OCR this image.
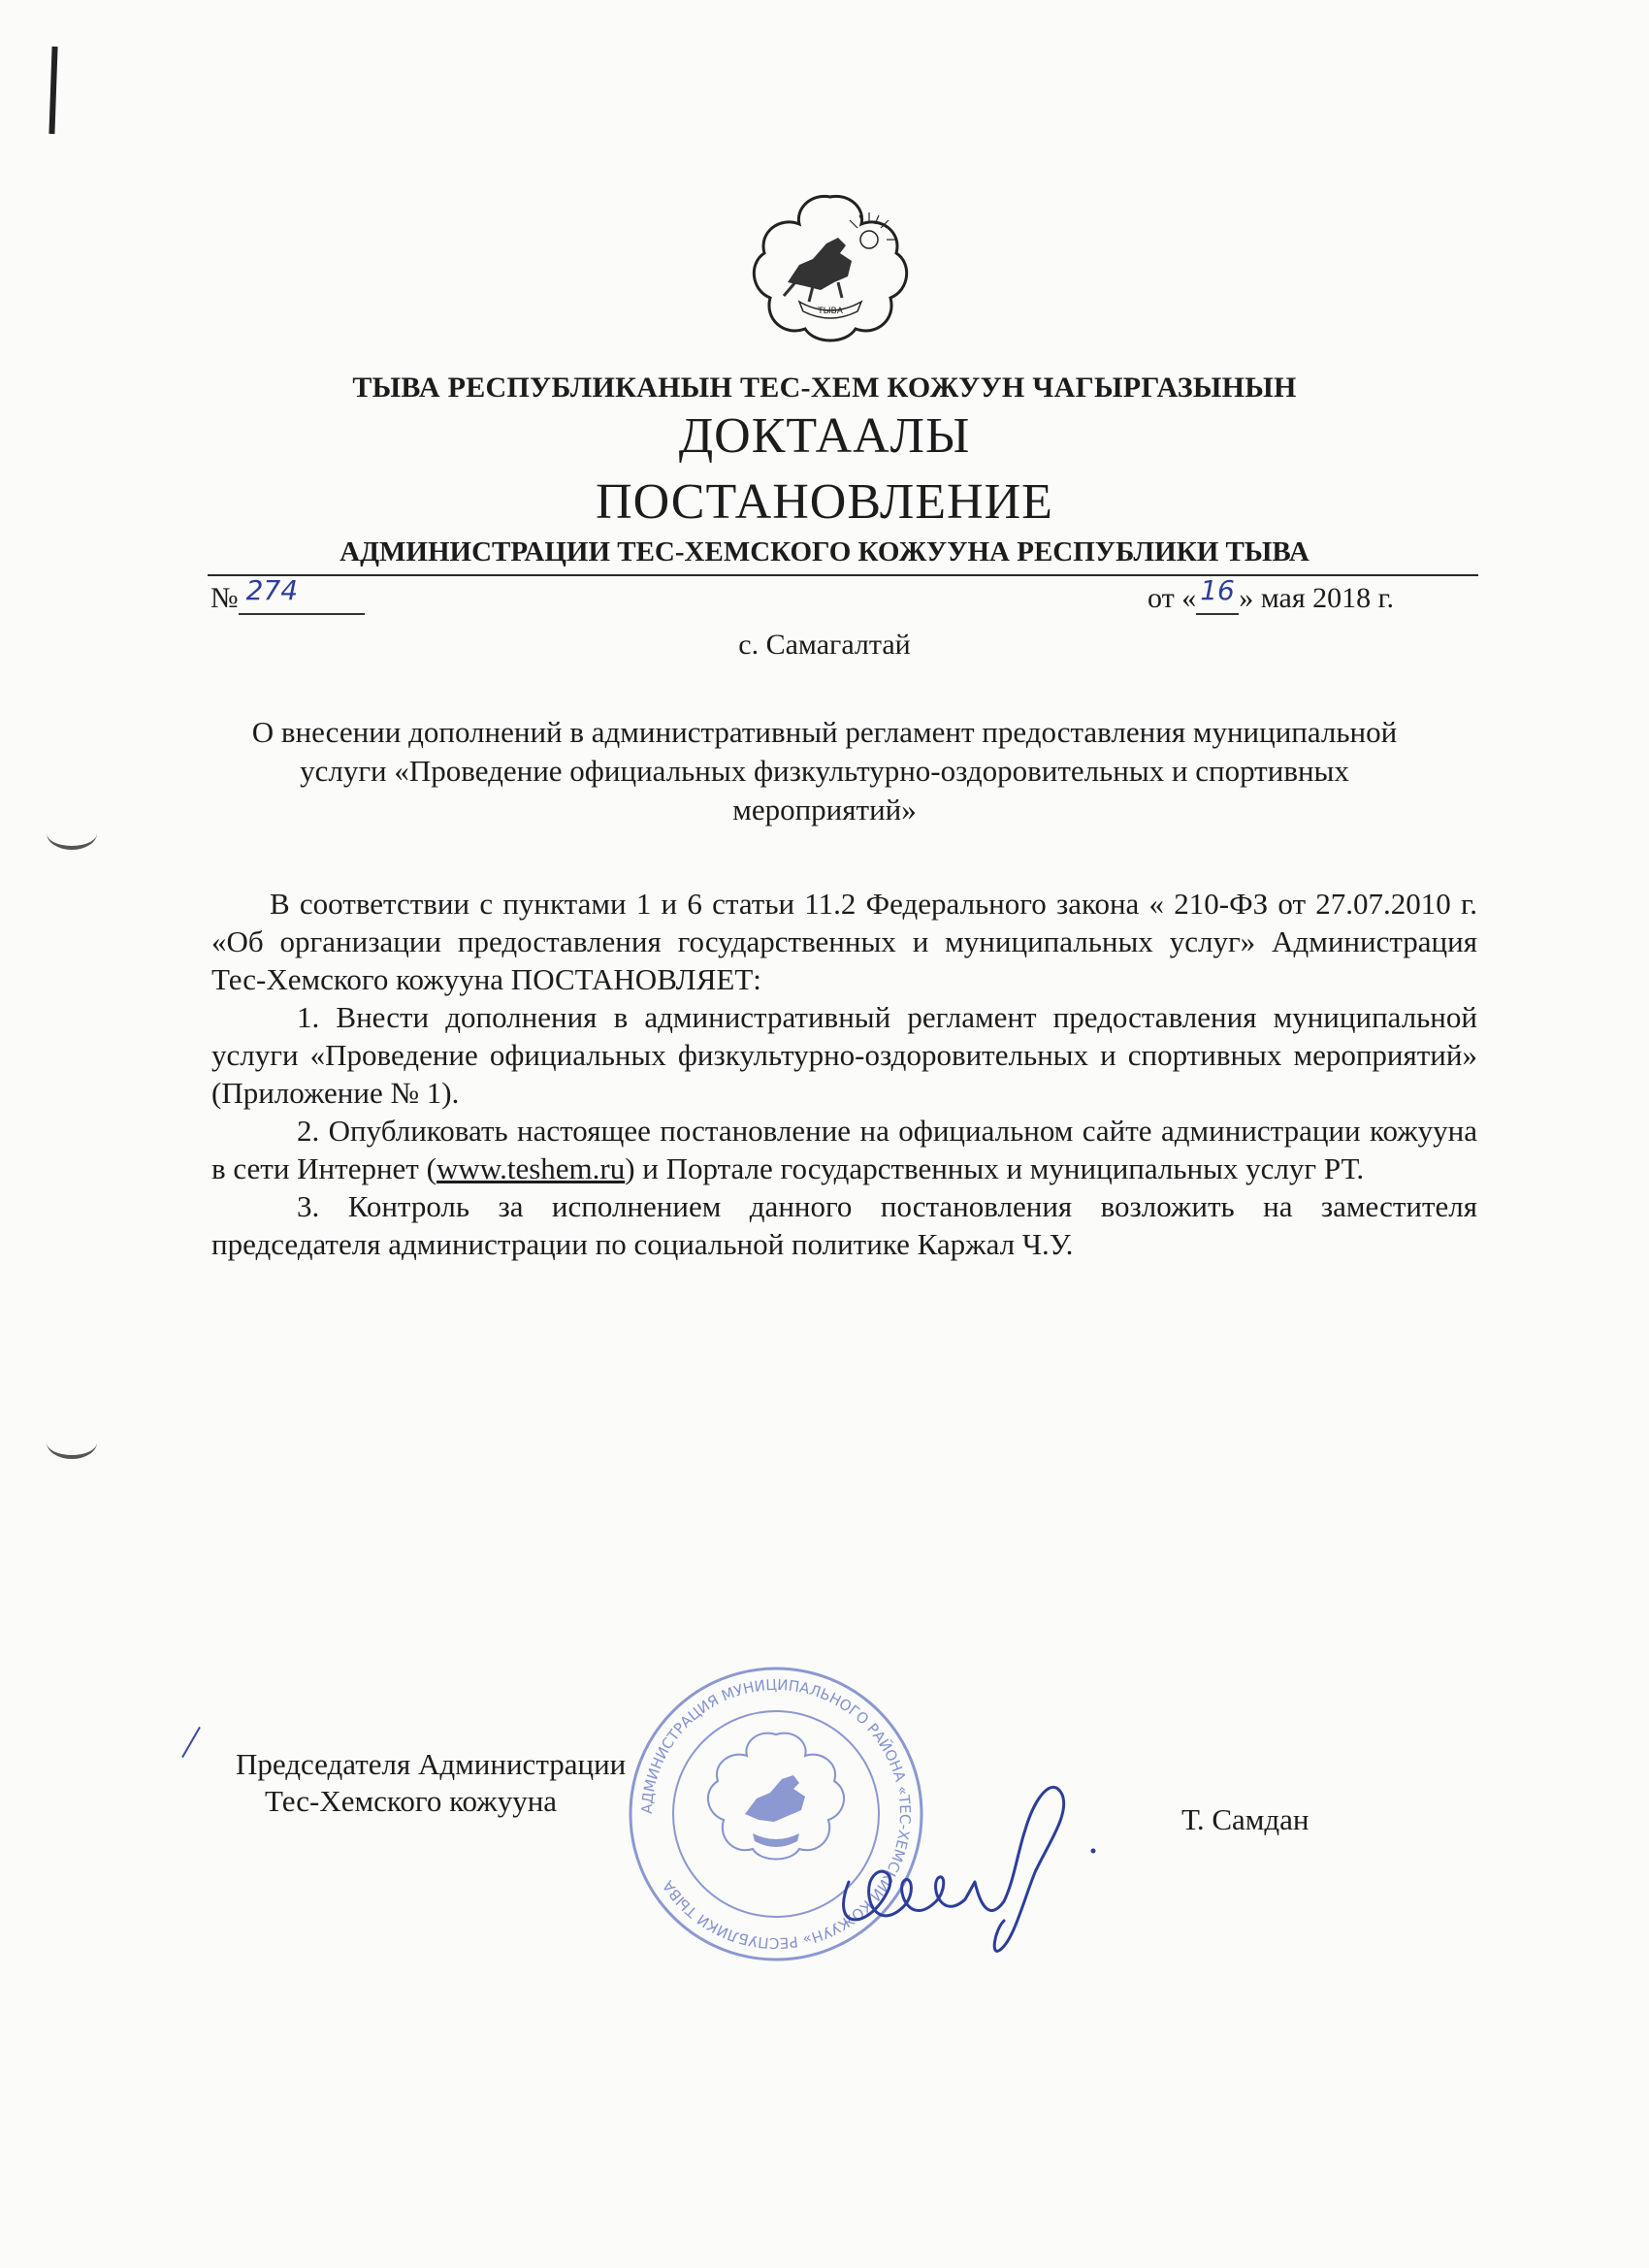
ТЫВА
ТЫВА РЕСПУБЛИКАНЫН ТЕС-ХЕМ КОЖУУН ЧАГЫРГАЗЫНЫН
ДОКТААЛЫ
ПОСТАНОВЛЕНИЕ
АДМИНИСТРАЦИИ ТЕС-ХЕМСКОГО КОЖУУНА РЕСПУБЛИКИ ТЫВА
№ 274	от « 16 » мая 2018 г.
с. Самагалтай
О внесении дополнений в административный регламент предоставления муниципальной услуги «Проведение официальных физкультурно-оздоровительных и спортивных мероприятий»

В соответствии с пунктами 1 и 6 статьи 11.2 Федерального закона « 210-ФЗ от 27.07.2010 г. «Об организации предоставления государственных и муниципальных услуг» Администрация Тес-Хемского кожууна ПОСТАНОВЛЯЕТ:

1. Внести дополнения в административный регламент предоставления муниципальной услуги «Проведение официальных физкультурно-оздоровительных и спортивных мероприятий» (Приложение № 1).

2. Опубликовать настоящее постановление на официальном сайте администрации кожууна в сети Интернет (www.teshem.ru) и Портале государственных и муниципальных услуг РТ.

3. Контроль за исполнением данного постановления возложить на заместителя председателя администрации по социальной политике Каржал Ч.У.

АДМИНИСТРАЦИЯ МУНИЦИПАЛЬНОГО РАЙОНА «ТЕС-ХЕМСКИЙ КОЖУУН» РЕСПУБЛИКИ ТЫВА
Председателя Администрации
Тес-Хемского кожууна
Т. Самдан
